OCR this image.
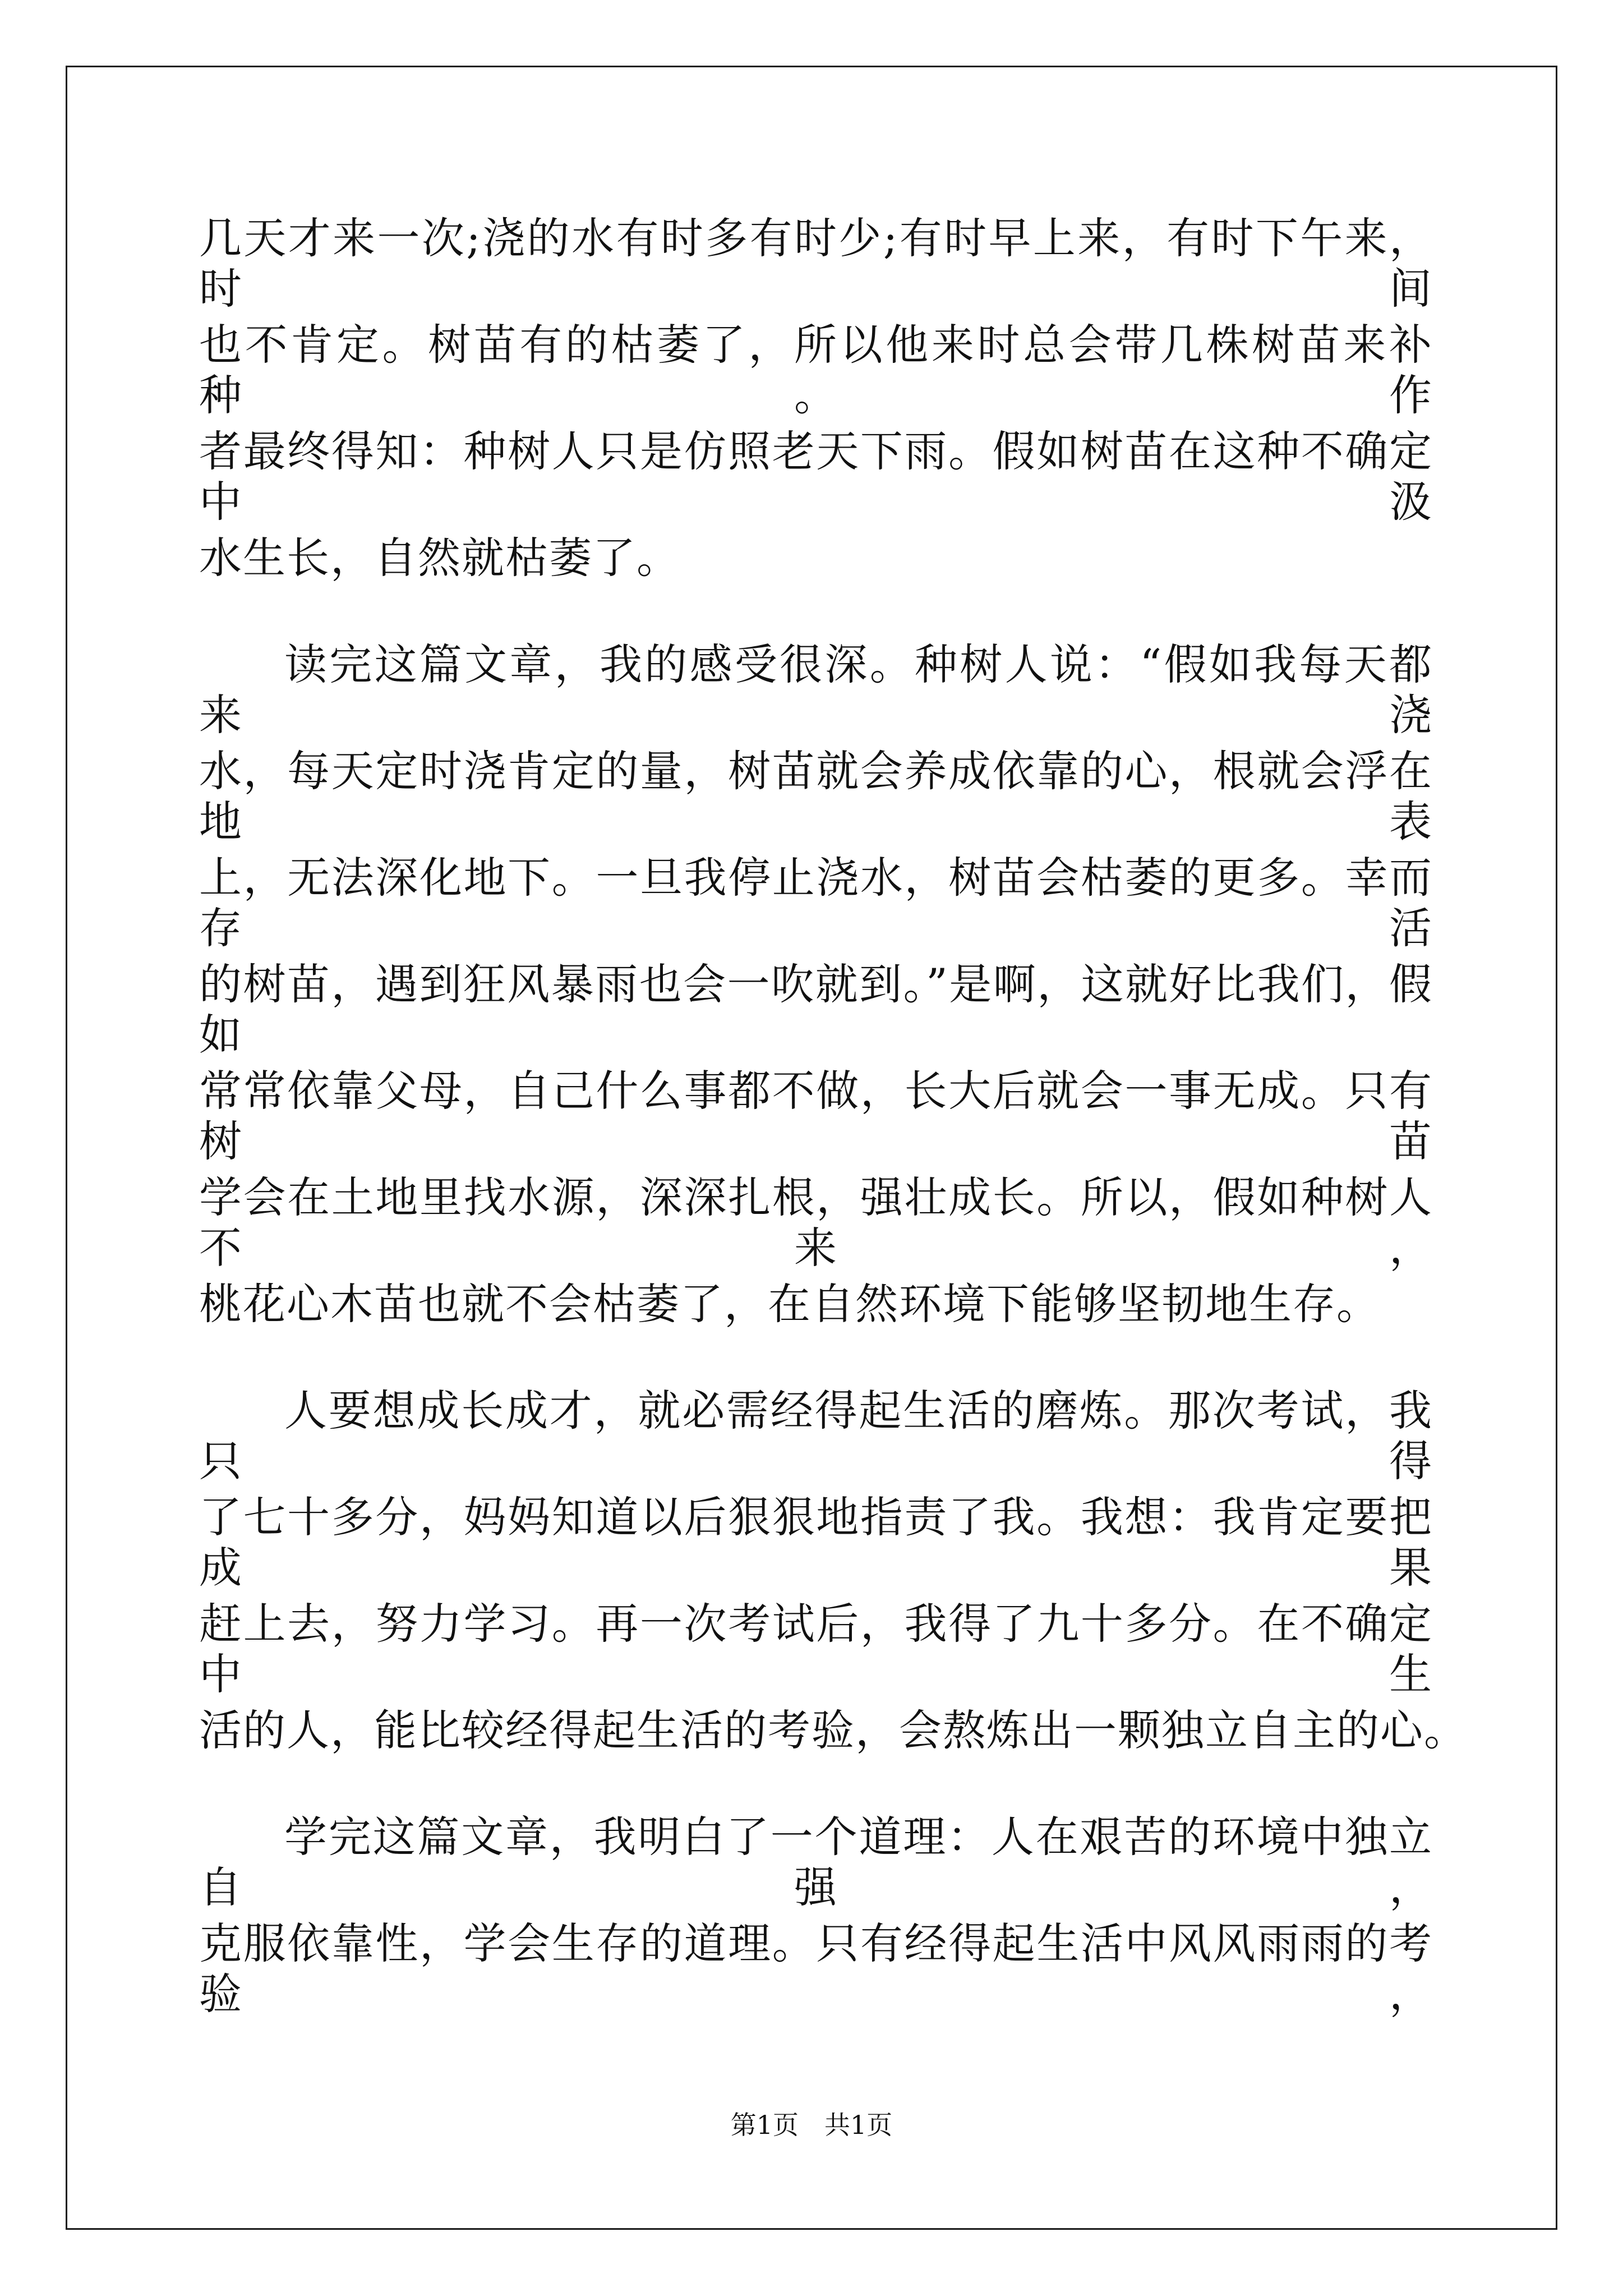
几天才来一次;浇的水有时多有时少;有时早上来，有时下午来，时间
也不肯定。树苗有的枯萎了，所以他来时总会带几株树苗来补种。作
者最终得知：种树人只是仿照老天下雨。假如树苗在这种不确定中汲
水生长，自然就枯萎了。
读完这篇文章，我的感受很深。种树人说：“假如我每天都来浇
水，每天定时浇肯定的量，树苗就会养成依靠的心，根就会浮在地表
上，无法深化地下。一旦我停止浇水，树苗会枯萎的更多。幸而存活
的树苗，遇到狂风暴雨也会一吹就到。”是啊，这就好比我们，假如
常常依靠父母，自己什么事都不做，长大后就会一事无成。只有树苗
学会在土地里找水源，深深扎根，强壮成长。所以，假如种树人不来，
桃花心木苗也就不会枯萎了，在自然环境下能够坚韧地生存。
人要想成长成才，就必需经得起生活的磨炼。那次考试，我只得
了七十多分，妈妈知道以后狠狠地指责了我。我想：我肯定要把成果
赶上去，努力学习。再一次考试后，我得了九十多分。在不确定中生
活的人，能比较经得起生活的考验，会熬炼出一颗独立自主的心。
学完这篇文章，我明白了一个道理：人在艰苦的环境中独立自强，
克服依靠性，学会生存的道理。只有经得起生活中风风雨雨的考验，
第1页　共1页
